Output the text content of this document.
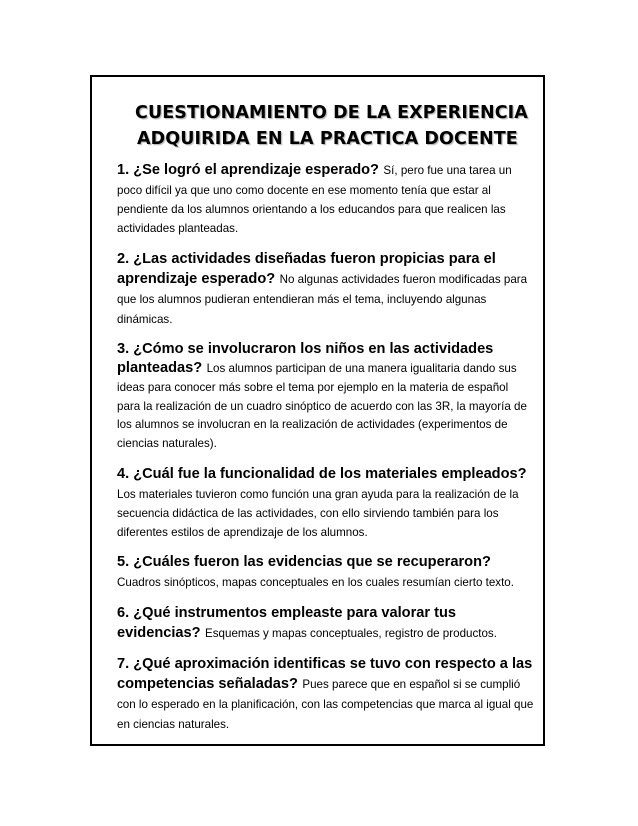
CUESTIONAMIENTO DE LA EXPERIENCIA
ADQUIRIDA EN LA PRACTICA DOCENTE
1. ¿Se logró el aprendizaje esperado? Sí, pero fue una tarea un poco difícil ya que uno como docente en ese momento tenía que estar al pendiente da los alumnos orientando a los educandos para que realicen las actividades planteadas.
2. ¿Las actividades diseñadas fueron propicias para el aprendizaje esperado? No algunas actividades fueron modificadas para que los alumnos pudieran entendieran más el tema, incluyendo algunas dinámicas.
3. ¿Cómo se involucraron los niños en las actividades planteadas? Los alumnos participan de una manera igualitaria dando sus ideas para conocer más sobre el tema por ejemplo en la materia de español para la realización de un cuadro sinóptico de acuerdo con las 3R, la mayoría de los alumnos se involucran en la realización de actividades (experimentos de ciencias naturales).
4. ¿Cuál fue la funcionalidad de los materiales empleados? Los materiales tuvieron como función una gran ayuda para la realización de la secuencia didáctica de las actividades, con ello sirviendo también para los diferentes estilos de aprendizaje de los alumnos.
5. ¿Cuáles fueron las evidencias que se recuperaron? Cuadros sinópticos, mapas conceptuales en los cuales resumían cierto texto.
6. ¿Qué instrumentos empleaste para valorar tus evidencias? Esquemas y mapas conceptuales, registro de productos.
7. ¿Qué aproximación identificas se tuvo con respecto a las competencias señaladas? Pues parece que en español si se cumplió con lo esperado en la planificación, con las competencias que marca al igual que en ciencias naturales.
